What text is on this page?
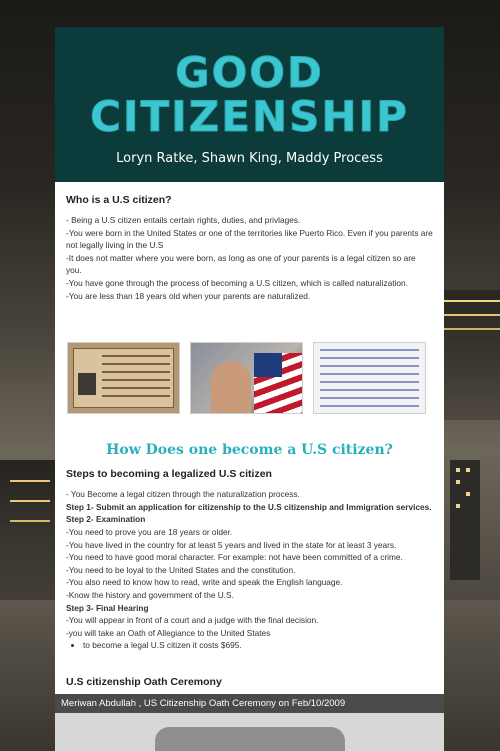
GOOD
CITIZENSHIP
Loryn Ratke, Shawn King, Maddy Process
Who is a U.S citizen?
- Being a U.S citizen entails certain rights, duties, and privlages.
-You were born in the United States or one of the territories like Puerto Rico. Even if you parents are not legally living in the U.S
-It does not matter where you were born, as long as one of your parents is a legal citizen so are you.
-You have gone through the process of becoming a U.S citizen, which is called naturalization.
-You are less than 18 years old when your parents are naturalized.
How Does one become a U.S citizen?
Steps to becoming a legalized U.S citizen
- You Become a legal citizen through the naturalization process.
Step 1- Submit an application for citizenship to the U.S citizenship and Immigration services.
Step 2- Examination
-You need to prove you are 18 years or older.
-You have lived in the country for at least 5 years and lived in the state for at least 3 years.
-You need to have good moral character. For example: not have been committed of a crime.
-You need to be loyal to the United States and the constitution.
-You also need to know how to read, write and speak the English language.
-Know the history and government of the U.S.
Step 3- Final Hearing
-You will appear in front of a court and a judge with the final decision.
-you will take an Oath of Allegiance to the United States
• to become a legal U.S citizen it costs $695.
U.S citizenship Oath Ceremony
Meriwan Abdullah , US Citizenship Oath Ceremony on Feb/10/2009
